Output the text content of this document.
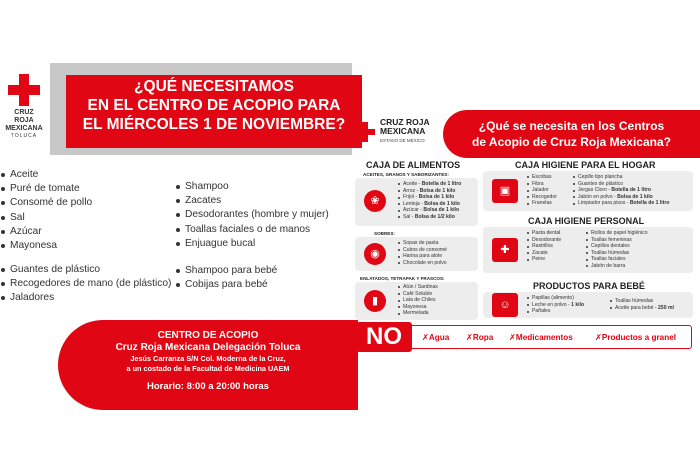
CRUZ ROJA
MEXICANA
TOLUCA
¿QUÉ NECESITAMOS
EN EL CENTRO DE ACOPIO PARA
EL MIÉRCOLES 1 DE NOVIEMBRE?
Aceite
Puré de tomate
Consomé de pollo
Sal
Azúcar
Mayonesa
Guantes de plástico
Recogedores de mano (de plástico)
Jaladores
Shampoo
Zacates
Desodorantes (hombre y mujer)
Toallas faciales o de manos
Enjuague bucal
Shampoo para bebé
Cobijas para bebé
CENTRO DE ACOPIO
Cruz Roja Mexicana Delegación Toluca
Jesús Carranza S/N Col. Moderna de la Cruz,
a un costado de la Facultad de Medicina UAEM
Horario: 8:00 a 20:00 horas
CRUZ ROJA
MEXICANA
ESTADO DE MÉXICO
¿Qué se necesita en los Centros
de Acopio de Cruz Roja Mexicana?
CAJA DE ALIMENTOS
ACEITES, GRANOS Y SABORIZANTES:
❀
Aceite - Botella de 1 litro
Arroz - Bolsa de 1 kilo
Frijol - Bolsa de 1 kilo
Lenteja - Bolsa de 1 kilo
Azúcar - Bolsa de 1 kilo
Sal - Bolsa de 1/2 kilo
SOBRES:
◉
Sopas de pasta
Cubos de consomé
Harina para atole
Chocolate en polvo
ENLATADOS, TETRAPAK Y FRASCOS:
▮
Atún / Sardinas
Café Soluble
Lata de Chiles
Mayonesa
Mermelada
CAJA HIGIENE PARA EL HOGAR
▣
Escobas
Fibra
Jalador
Recogedor
Franelas
Cepillo tipo plancha
Guantes de plástico
Jergas Cloro - Botella de 1 litro
Jabón en polvo - Bolsa de 1 kilo
Limpiador para pisos - Botella de 1 litro
CAJA HIGIENE PERSONAL
✚
Pasta dental
Desodorante
Rastrillos
Zacate
Peine
Rollos de papel higiénico
Toallas femeninas
Cepillos dentales
Toallas húmedas
Toallas faciales
Jabón de barra
PRODUCTOS PARA BEBÉ
☺
Papillas (alimento)
Leche en polvo - 1 kilo
Pañales
Toallas húmedas
Aceite para bebé - 250 ml
NO	✗Agua ✗Ropa ✗Medicamentos	✗Productos a granel
